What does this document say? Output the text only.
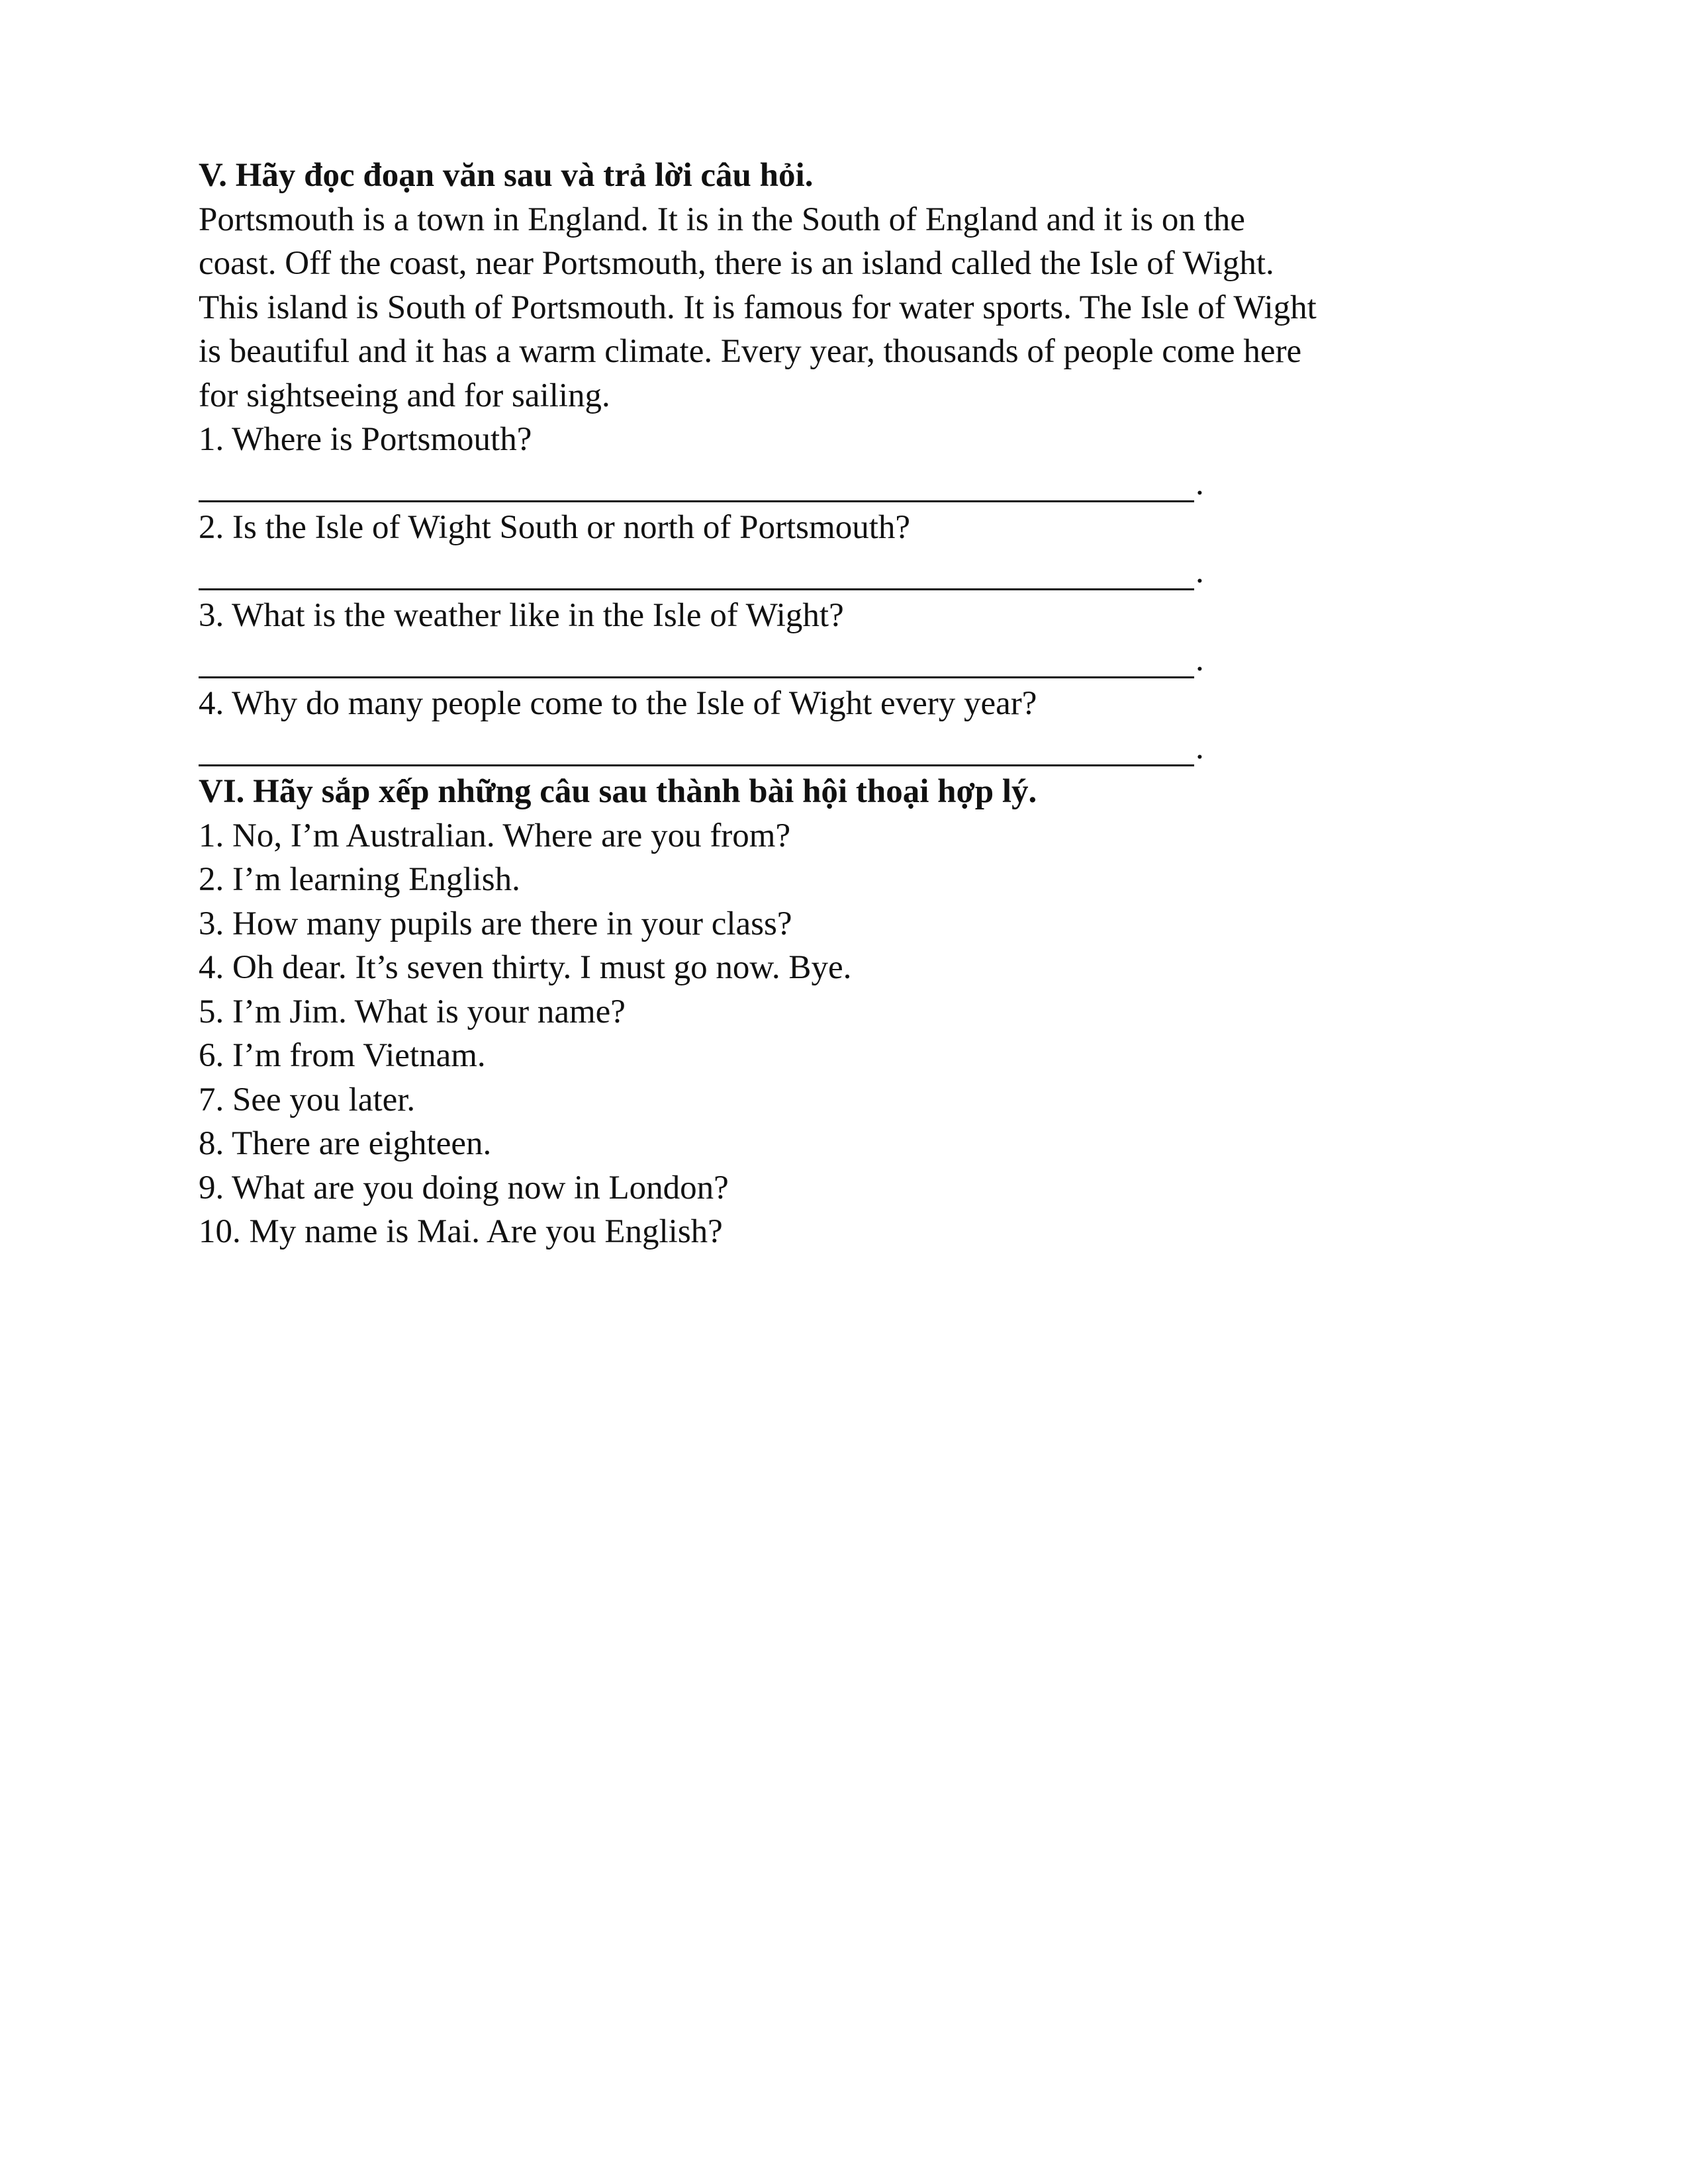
V. Hãy đọc đoạn văn sau và trả lời câu hỏi.
Portsmouth is a town in England. It is in the South of England and it is on the
coast. Off the coast, near Portsmouth, there is an island called the Isle of Wight.
This island is South of Portsmouth. It is famous for water sports. The Isle of Wight
is beautiful and it has a warm climate. Every year, thousands of people come here
for sightseeing and for sailing.
1. Where is Portsmouth?
.
2. Is the Isle of Wight South or north of Portsmouth?
.
3. What is the weather like in the Isle of Wight?
.
4. Why do many people come to the Isle of Wight every year?
.
VI. Hãy sắp xếp những câu sau thành bài hội thoại hợp lý.
1. No, I’m Australian. Where are you from?
2. I’m learning English.
3. How many pupils are there in your class?
4. Oh dear. It’s seven thirty. I must go now. Bye.
5. I’m Jim. What is your name?
6. I’m from Vietnam.
7. See you later.
8. There are eighteen.
9. What are you doing now in London?
10. My name is Mai. Are you English?
